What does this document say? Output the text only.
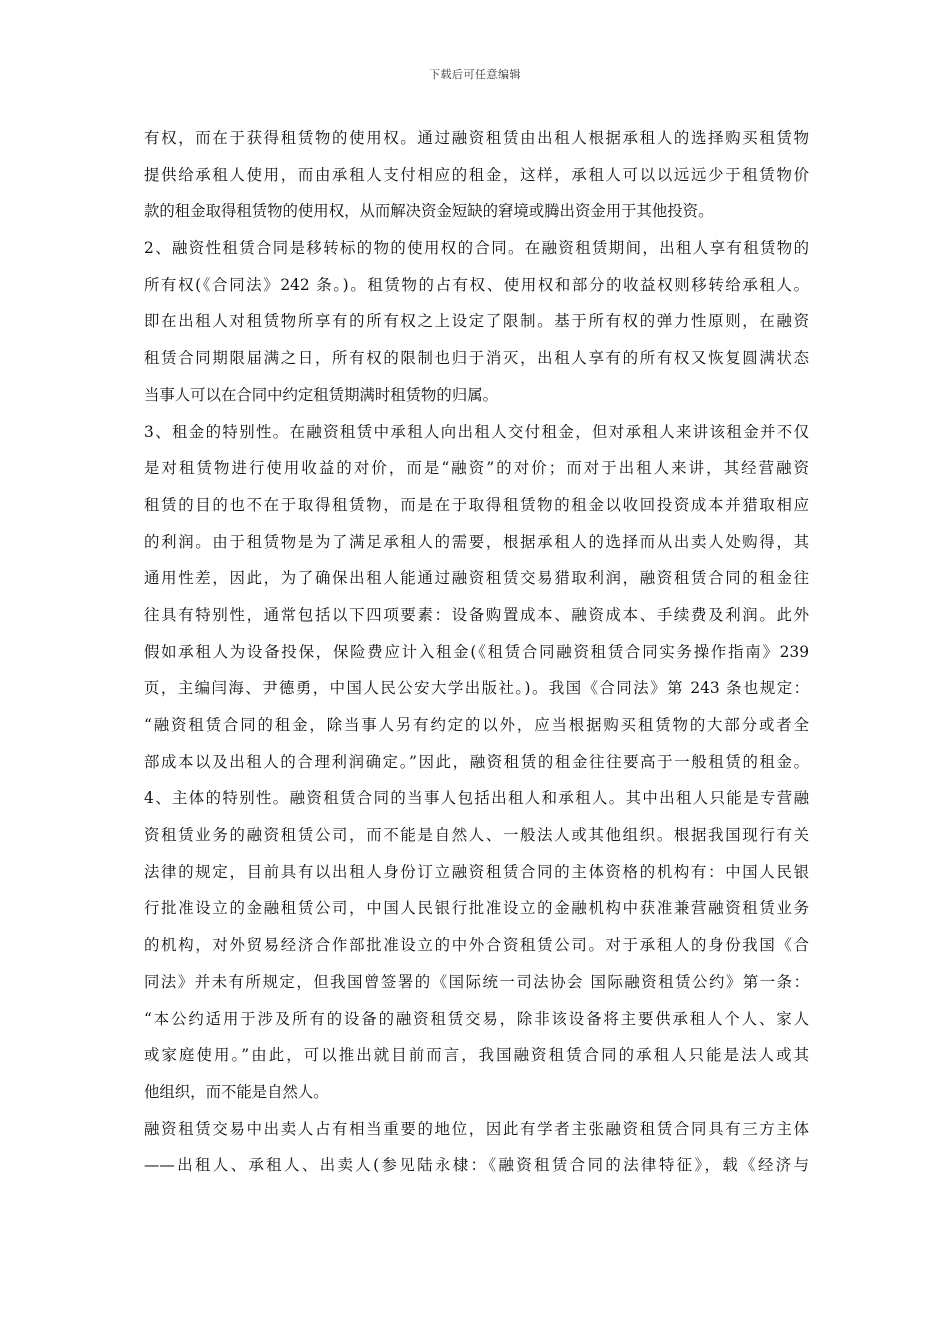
下载后可任意编辑
有权，而在于获得租赁物的使用权。通过融资租赁由出租人根据承租人的选择购买租赁物
提供给承租人使用，而由承租人支付相应的租金，这样，承租人可以以远远少于租赁物价
款的租金取得租赁物的使用权，从而解决资金短缺的窘境或腾出资金用于其他投资。
2、融资性租赁合同是移转标的物的使用权的合同。在融资租赁期间，出租人享有租赁物的
所有权(《合同法》242 条。)。租赁物的占有权、使用权和部分的收益权则移转给承租人。
即在出租人对租赁物所享有的所有权之上设定了限制。基于所有权的弹力性原则，在融资
租赁合同期限届满之日，所有权的限制也归于消灭，出租人享有的所有权又恢复圆满状态
当事人可以在合同中约定租赁期满时租赁物的归属。
3、租金的特别性。在融资租赁中承租人向出租人交付租金，但对承租人来讲该租金并不仅
是对租赁物进行使用收益的对价，而是“融资”的对价；而对于出租人来讲，其经营融资
租赁的目的也不在于取得租赁物，而是在于取得租赁物的租金以收回投资成本并猎取相应
的利润。由于租赁物是为了满足承租人的需要，根据承租人的选择而从出卖人处购得，其
通用性差，因此，为了确保出租人能通过融资租赁交易猎取利润，融资租赁合同的租金往
往具有特别性，通常包括以下四项要素：设备购置成本、融资成本、手续费及利润。此外
假如承租人为设备投保，保险费应计入租金(《租赁合同融资租赁合同实务操作指南》239
页，主编闫海、尹德勇，中国人民公安大学出版社。)。我国《合同法》第 243 条也规定：
“融资租赁合同的租金，除当事人另有约定的以外，应当根据购买租赁物的大部分或者全
部成本以及出租人的合理利润确定。”因此，融资租赁的租金往往要高于一般租赁的租金。
4、主体的特别性。融资租赁合同的当事人包括出租人和承租人。其中出租人只能是专营融
资租赁业务的融资租赁公司，而不能是自然人、一般法人或其他组织。根据我国现行有关
法律的规定，目前具有以出租人身份订立融资租赁合同的主体资格的机构有：中国人民银
行批准设立的金融租赁公司，中国人民银行批准设立的金融机构中获准兼营融资租赁业务
的机构，对外贸易经济合作部批准设立的中外合资租赁公司。对于承租人的身份我国《合
同法》并未有所规定，但我国曾签署的《国际统一司法协会 国际融资租赁公约》第一条：
“本公约适用于涉及所有的设备的融资租赁交易，除非该设备将主要供承租人个人、家人
或家庭使用。”由此，可以推出就目前而言，我国融资租赁合同的承租人只能是法人或其
他组织，而不能是自然人。
融资租赁交易中出卖人占有相当重要的地位，因此有学者主张融资租赁合同具有三方主体
——出租人、承租人、出卖人(参见陆永棣：《融资租赁合同的法律特征》，载《经济与
